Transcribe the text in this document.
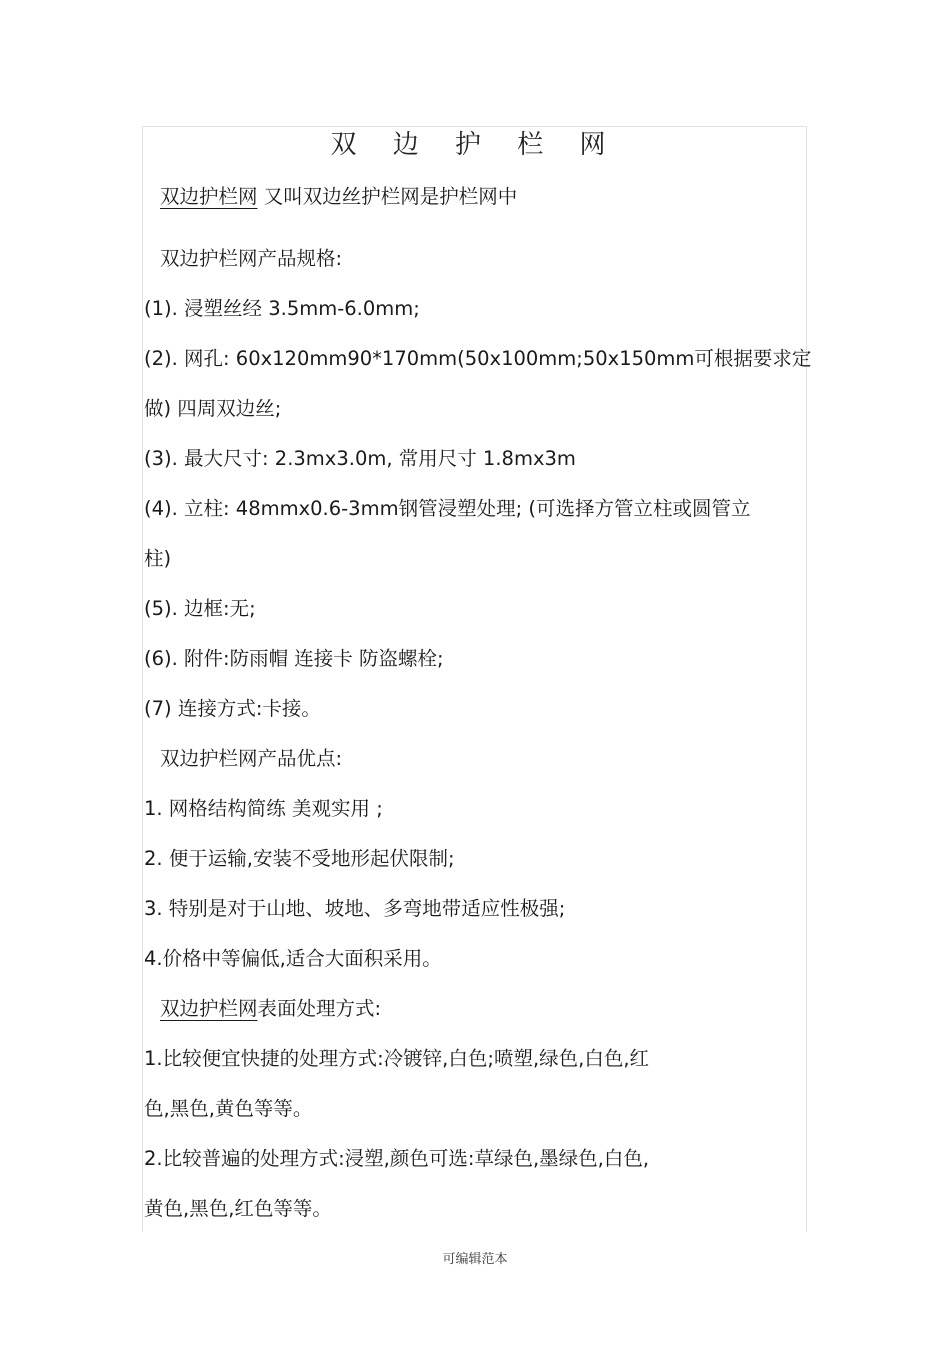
双 边 护 栏 网
双边护栏网 又叫双边丝护栏网是护栏网中
双边护栏网产品规格:
(1). 浸塑丝经 3.5mm-6.0mm;
(2). 网孔: 60x120mm90*170mm(50x100mm;50x150mm可根据要求定
做) 四周双边丝;
(3). 最大尺寸: 2.3mx3.0m, 常用尺寸 1.8mx3m
(4). 立柱: 48mmx0.6-3mm钢管浸塑处理; (可选择方管立柱或圆管立
柱)
(5). 边框:无;
(6). 附件:防雨帽 连接卡 防盗螺栓;
(7) 连接方式:卡接。
双边护栏网产品优点:
1. 网格结构简练 美观实用 ;
2. 便于运输,安装不受地形起伏限制;
3. 特别是对于山地、坡地、多弯地带适应性极强;
4.价格中等偏低,适合大面积采用。
双边护栏网表面处理方式:
1.比较便宜快捷的处理方式:冷镀锌,白色;喷塑,绿色,白色,红
色,黑色,黄色等等。
2.比较普遍的处理方式:浸塑,颜色可选:草绿色,墨绿色,白色,
黄色,黑色,红色等等。
可编辑范本
